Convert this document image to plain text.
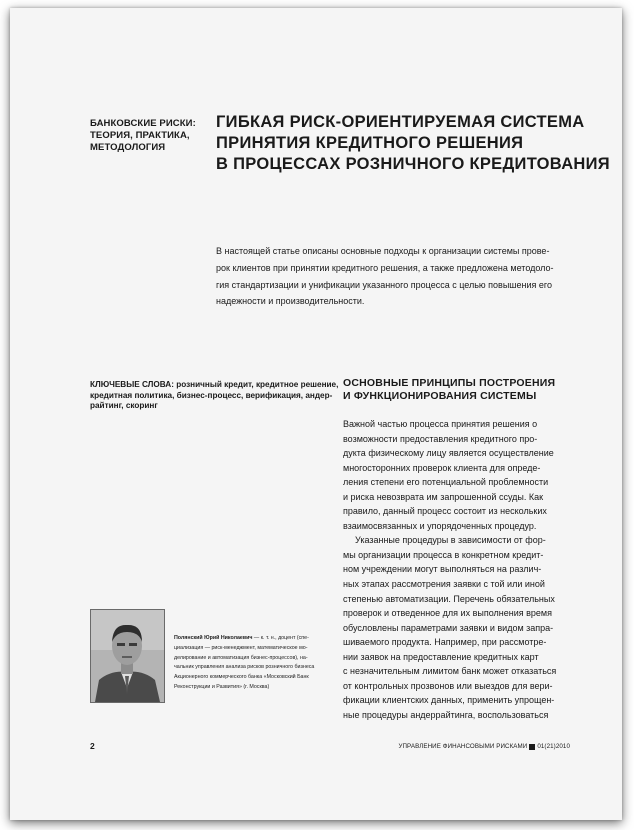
БАНКОВСКИЕ РИСКИ:
ТЕОРИЯ, ПРАКТИКА,
МЕТОДОЛОГИЯ
ГИБКАЯ РИСК-ОРИЕНТИРУЕМАЯ СИСТЕМА
ПРИНЯТИЯ КРЕДИТНОГО РЕШЕНИЯ
В ПРОЦЕССАХ РОЗНИЧНОГО КРЕДИТОВАНИЯ
В настоящей статье описаны основные подходы к организации системы прове-
рок клиентов при принятии кредитного решения, а также предложена методоло-
гия стандартизации и унификации указанного процесса с целью повышения его
надежности и производительности.
КЛЮЧЕВЫЕ СЛОВА: розничный кредит, кредитное решение,
кредитная политика, бизнес-процесс, верификация, андер-
райтинг, скоринг
ОСНОВНЫЕ ПРИНЦИПЫ ПОСТРОЕНИЯ
И ФУНКЦИОНИРОВАНИЯ СИСТЕМЫ
Важной частью процесса принятия решения о
возможности предоставления кредитного про-
дукта физическому лицу является осуществление
многосторонних проверок клиента для опреде-
ления степени его потенциальной проблемности
и риска невозврата им запрошенной ссуды. Как
правило, данный процесс состоит из нескольких
взаимосвязанных и упорядоченных процедур.
Указанные процедуры в зависимости от фор-
мы организации процесса в конкретном кредит-
ном учреждении могут выполняться на различ-
ных этапах рассмотрения заявки с той или иной
степенью автоматизации. Перечень обязательных
проверок и отведенное для их выполнения время
обусловлены параметрами заявки и видом запра-
шиваемого продукта. Например, при рассмотре-
нии заявок на предоставление кредитных карт
с незначительным лимитом банк может отказаться
от контрольных прозвонов или выездов для вери-
фикации клиентских данных, применить упрощен-
ные процедуры андеррайтинга, воспользоваться
Полянский Юрий Николаевич — к. т. н., доцент (спе-
циализация — риск-менеджмент, математическое мо-
делирование и автоматизация бизнес-процессов), на-
чальник управления анализа рисков розничного бизнеса
Акционерного коммерческого банка «Московский Банк
Реконструкции и Развития» (г. Москва)
2	УПРАВЛЕНИЕ ФИНАНСОВЫМИ РИСКАМИ 01(21)2010
